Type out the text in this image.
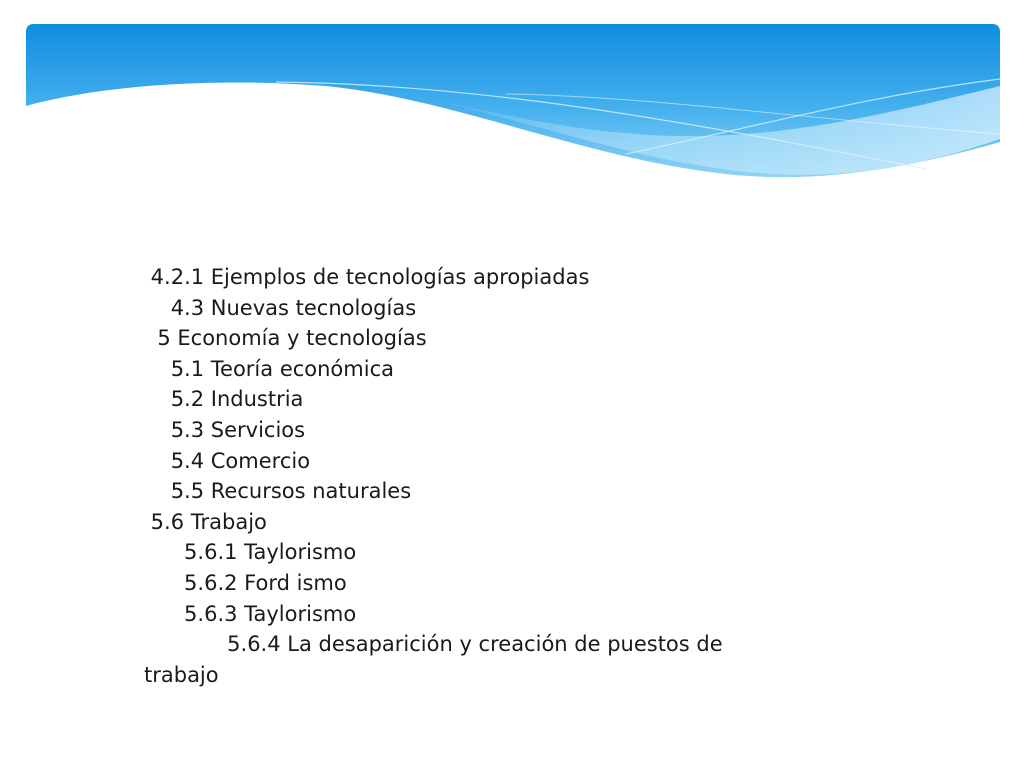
4.2.1 Ejemplos de tecnologías apropiadas
4.3 Nuevas tecnologías
5 Economía y tecnologías
5.1 Teoría económica
5.2 Industria
5.3 Servicios
5.4 Comercio
5.5 Recursos naturales
5.6 Trabajo
5.6.1 Taylorismo
5.6.2 Ford ismo
5.6.3 Taylorismo
5.6.4 La desaparición y creación de puestos de trabajo
